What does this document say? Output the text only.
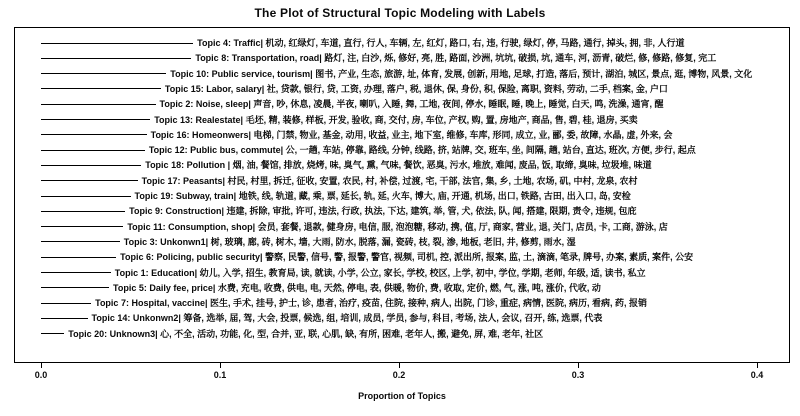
The Plot of Structural Topic Modeling with Labels
Topic 4: Traffic| 机动, 红绿灯, 车道, 直行, 行人, 车辆, 左, 红灯, 路口, 右, 违, 行驶, 绿灯, 停, 马路, 通行, 掉头, 拥, 非, 人行道
Topic 8: Transportation, road| 路灯, 注, 白沙, 烁, 修好, 亮, 胜, 路面, 沙洲, 坑坑, 破损, 坑, 通车, 河, 沥青, 破烂, 修, 修路, 修复, 完工
Topic 10: Public service, tourism| 图书, 产业, 生态, 旅游, 址, 体育, 发展, 创新, 用地, 足球, 打造, 落后, 预计, 湖泊, 城区, 景点, 逛, 博物, 风景, 文化
Topic 15: Labor, salary| 社, 贷款, 银行, 贷, 工资, 办理, 落户, 税, 退休, 保, 身份, 积, 保险, 离职, 资料, 劳动, 二手, 档案, 金, 户口
Topic 2: Noise, sleep| 声音, 吵, 休息, 凌晨, 半夜, 喇叭, 入睡, 舞, 工地, 夜间, 停水, 睡眠, 睡, 晚上, 睡觉, 白天, 鸣, 洗澡, 通宵, 醒
Topic 13: Realestate| 毛坯, 精, 装修, 样板, 开发, 验收, 商, 交付, 房, 车位, 产权, 购, 置, 房地产, 商品, 售, 碧, 桂, 退房, 买卖
Topic 16: Homeonwers| 电梯, 门禁, 物业, 基金, 动用, 收益, 业主, 地下室, 维修, 车库, 形同, 成立, 业, 郦, 委, 故障, 水晶, 虚, 外来, 会
Topic 12: Public bus, commute| 公, 一趟, 车站, 停靠, 路线, 分钟, 线路, 挤, 站牌, 交, 班车, 坐, 间隔, 趟, 站台, 直达, 班次, 方便, 步行, 起点
Topic 18: Pollution | 烟, 油, 餐馆, 排放, 烧烤, 味, 臭气, 熏, 气味, 餐饮, 恶臭, 污水, 堆放, 难闻, 废品, 饭, 取缔, 臭味, 垃圾堆, 味道
Topic 17: Peasants| 村民, 村里, 拆迁, 征收, 安置, 农民, 村, 补偿, 过渡, 宅, 干部, 法官, 集, 乡, 土地, 农场, 矶, 中村, 龙泉, 农村
Topic 19: Subway, train| 地铁, 线, 轨道, 藏, 乘, 票, 延长, 轨, 延, 火车, 博大, 庙, 开通, 机场, 出口, 铁路, 古田, 出入口, 岛, 安检
Topic 9: Construction| 违建, 拆除, 审批, 许可, 违法, 行政, 执法, 下达, 建筑, 举, 管, 犬, 依法, 队, 闻, 搭建, 限期, 责令, 违规, 包庇
Topic 11: Consumption, shop| 会员, 套餐, 退款, 健身房, 电信, 服, 泡泡糖, 移动, 携, 值, 厅, 商家, 营业, 退, 关门, 店员, 卡, 工商, 游泳, 店
Topic 3: Unkonwn1| 树, 玻璃, 廊, 砖, 树木, 墙, 大雨, 防水, 脱落, 漏, 瓷砖, 枝, 裂, 渗, 地板, 老旧, 井, 修剪, 雨水, 湿
Topic 6: Policing, public security| 警察, 民警, 信号, 警, 报警, 警官, 视频, 司机, 控, 派出所, 报案, 监, 土, 滴滴, 笔录, 牌号, 办案, 素质, 案件, 公安
Topic 1: Education| 幼儿, 入学, 招生, 教育局, 读, 就读, 小学, 公立, 家长, 学校, 校区, 上学, 初中, 学位, 学期, 老师, 年级, 适, 读书, 私立
Topic 5: Daily fee, price| 水费, 充电, 收费, 供电, 电, 天然, 停电, 表, 供暖, 物价, 费, 收取, 定价, 燃, 气, 涨, 吨, 涨价, 代收, 动
Topic 7: Hospital, vaccine| 医生, 手术, 挂号, 护士, 诊, 患者, 治疗, 疫苗, 住院, 接种, 病人, 出院, 门诊, 重症, 病情, 医院, 病历, 看病, 药, 报销
Topic 14: Unkonwn2| 筹备, 选举, 届, 驾, 大会, 投票, 候选, 组, 培训, 成员, 学员, 参与, 科目, 考场, 法人, 会议, 召开, 练, 选票, 代表
Topic 20: Unknown3| 心, 不全, 活动, 功能, 化, 型, 合并, 亚, 联, 心肌, 缺, 有所, 困难, 老年人, 搬, 避免, 屏, 难, 老年, 社区
0.0	0.1	0.2	0.3	0.4
Proportion of Topics
